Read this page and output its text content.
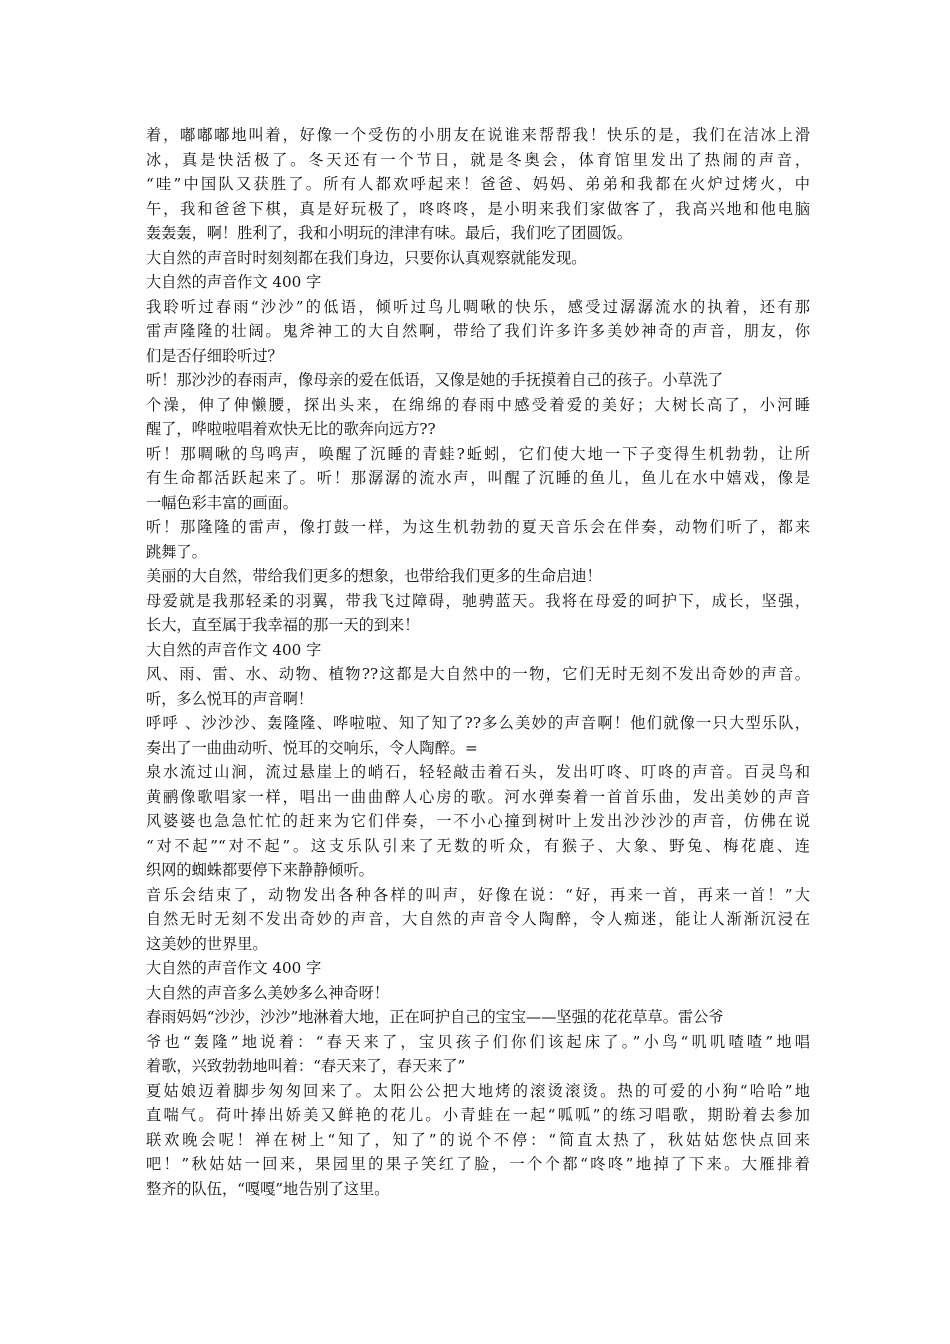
着，嘟嘟嘟地叫着，好像一个受伤的小朋友在说谁来帮帮我！快乐的是，我们在洁冰上滑
冰，真是快活极了。冬天还有一个节日，就是冬奥会，体育馆里发出了热闹的声音，
“哇”中国队又获胜了。所有人都欢呼起来！爸爸、妈妈、弟弟和我都在火炉过烤火，中
午，我和爸爸下棋，真是好玩极了，咚咚咚，是小明来我们家做客了，我高兴地和他电脑
轰轰轰，啊！胜利了，我和小明玩的津津有味。最后，我们吃了团圆饭。
大自然的声音时时刻刻都在我们身边，只要你认真观察就能发现。
大自然的声音作文 400 字
我聆听过春雨“沙沙”的低语，倾听过鸟儿啁啾的快乐，感受过潺潺流水的执着，还有那
雷声隆隆的壮阔。鬼斧神工的大自然啊，带给了我们许多许多美妙神奇的声音，朋友，你
们是否仔细聆听过？
听！那沙沙的春雨声，像母亲的爱在低语，又像是她的手抚摸着自己的孩子。小草洗了
个澡，伸了伸懒腰，探出头来，在绵绵的春雨中感受着爱的美好；大树长高了，小河睡
醒了，哗啦啦唱着欢快无比的歌奔向远方??
听！那啁啾的鸟鸣声，唤醒了沉睡的青蛙?蚯蚓，它们使大地一下子变得生机勃勃，让所
有生命都活跃起来了。听！那潺潺的流水声，叫醒了沉睡的鱼儿，鱼儿在水中嬉戏，像是
一幅色彩丰富的画面。
听！那隆隆的雷声，像打鼓一样，为这生机勃勃的夏天音乐会在伴奏，动物们听了，都来
跳舞了。
美丽的大自然，带给我们更多的想象，也带给我们更多的生命启迪！
母爱就是我那轻柔的羽翼，带我飞过障碍，驰骋蓝天。我将在母爱的呵护下，成长，坚强，
长大，直至属于我幸福的那一天的到来！
大自然的声音作文 400 字
风、雨、雷、水、动物、植物??这都是大自然中的一物，它们无时无刻不发出奇妙的声音。
听，多么悦耳的声音啊！
呼呼 、沙沙沙、轰隆隆、哗啦啦、知了知了??多么美妙的声音啊！他们就像一只大型乐队，
奏出了一曲曲动听、悦耳的交响乐，令人陶醉。=
泉水流过山涧，流过悬崖上的峭石，轻轻敲击着石头，发出叮咚、叮咚的声音。百灵鸟和
黄鹂像歌唱家一样，唱出一曲曲醉人心房的歌。河水弹奏着一首首乐曲，发出美妙的声音
风婆婆也急急忙忙的赶来为它们伴奏，一不小心撞到树叶上发出沙沙沙的声音，仿佛在说
“对不起”“对不起”。这支乐队引来了无数的听众，有猴子、大象、野兔、梅花鹿、连
织网的蜘蛛都要停下来静静倾听。
音乐会结束了，动物发出各种各样的叫声，好像在说：“好，再来一首，再来一首！”大
自然无时无刻不发出奇妙的声音，大自然的声音令人陶醉，令人痴迷，能让人渐渐沉浸在
这美妙的世界里。
大自然的声音作文 400 字
大自然的声音多么美妙多么神奇呀！
春雨妈妈“沙沙，沙沙”地淋着大地，正在呵护自己的宝宝——坚强的花花草草。雷公爷
爷也“轰隆”地说着：“春天来了，宝贝孩子们你们该起床了。”小鸟“叽叽喳喳”地唱
着歌，兴致勃勃地叫着：“春天来了，春天来了”
夏姑娘迈着脚步匆匆回来了。太阳公公把大地烤的滚烫滚烫。热的可爱的小狗“哈哈”地
直喘气。荷叶捧出娇美又鲜艳的花儿。小青蛙在一起“呱呱”的练习唱歌，期盼着去参加
联欢晚会呢！禅在树上“知了，知了”的说个不停：“简直太热了，秋姑姑您快点回来
吧！”秋姑姑一回来，果园里的果子笑红了脸，一个个都“咚咚”地掉了下来。大雁排着
整齐的队伍，“嘎嘎”地告别了这里。
